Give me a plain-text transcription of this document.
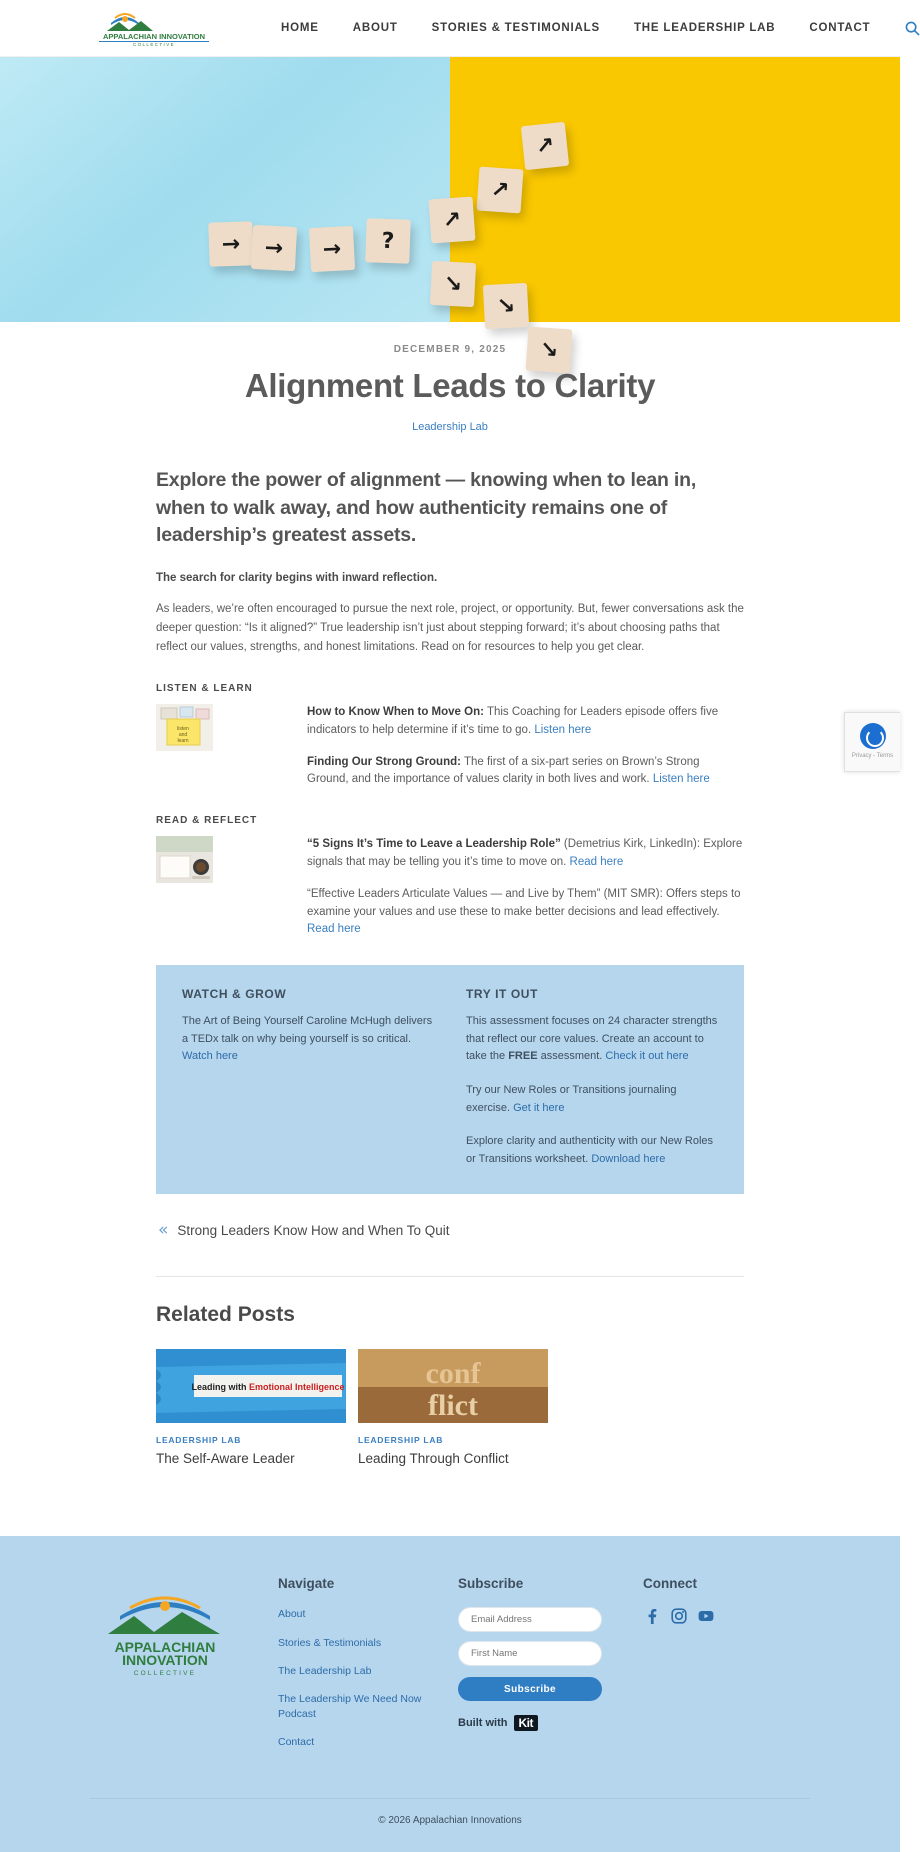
APPALACHIAN INNOVATION
COLLECTIVE
HOME	ABOUT	STORIES & TESTIMONIALS	THE LEADERSHIP LAB	CONTACT
→	→	→	?
↗
↗
↗
↘
↘
↘
Privacy - Terms
DECEMBER 9, 2025
Alignment Leads to Clarity
Leadership Lab

Explore the power of alignment — knowing when to lean in, when to walk away, and how authenticity remains one of leadership’s greatest assets.

The search for clarity begins with inward reflection.

As leaders, we’re often encouraged to pursue the next role, project, or opportunity. But, fewer conversations ask the deeper question: “Is it aligned?” True leadership isn’t just about stepping forward; it’s about choosing paths that reflect our values, strengths, and honest limitations. Read on for resources to help you get clear.

LISTEN & LEARN
listen
and
learn

How to Know When to Move On: This Coaching for Leaders episode offers five indicators to help determine if it’s time to go. Listen here

Finding Our Strong Ground: The first of a six-part series on Brown’s Strong Ground, and the importance of values clarity in both lives and work. Listen here

READ & REFLECT

“5 Signs It’s Time to Leave a Leadership Role” (Demetrius Kirk, LinkedIn): Explore signals that may be telling you it’s time to move on. Read here

“Effective Leaders Articulate Values — and Live by Them” (MIT SMR): Offers steps to examine your values and use these to make better decisions and lead effectively. Read here

WATCH & GROW

The Art of Being Yourself Caroline McHugh delivers a TEDx talk on why being yourself is so critical. Watch here

TRY IT OUT

This assessment focuses on 24 character strengths that reflect our core values. Create an account to take the FREE assessment. Check it out here

Try our New Roles or Transitions journaling exercise. Get it here

Explore clarity and authenticity with our New Roles or Transitions worksheet. Download here

« Strong Leaders Know How and When To Quit
Related Posts
Leading with Emotional Intelligence
LEADERSHIP LAB
The Self-Aware Leader
conf
flict
LEADERSHIP LAB
Leading Through Conflict
APPALACHIAN
INNOVATION
COLLECTIVE
Navigate
About
Stories & Testimonials
The Leadership Lab
The Leadership We Need Now Podcast
Contact
Subscribe
Email Address
First Name Subscribe
Built with Kit
Connect
© 2026 Appalachian Innovations
